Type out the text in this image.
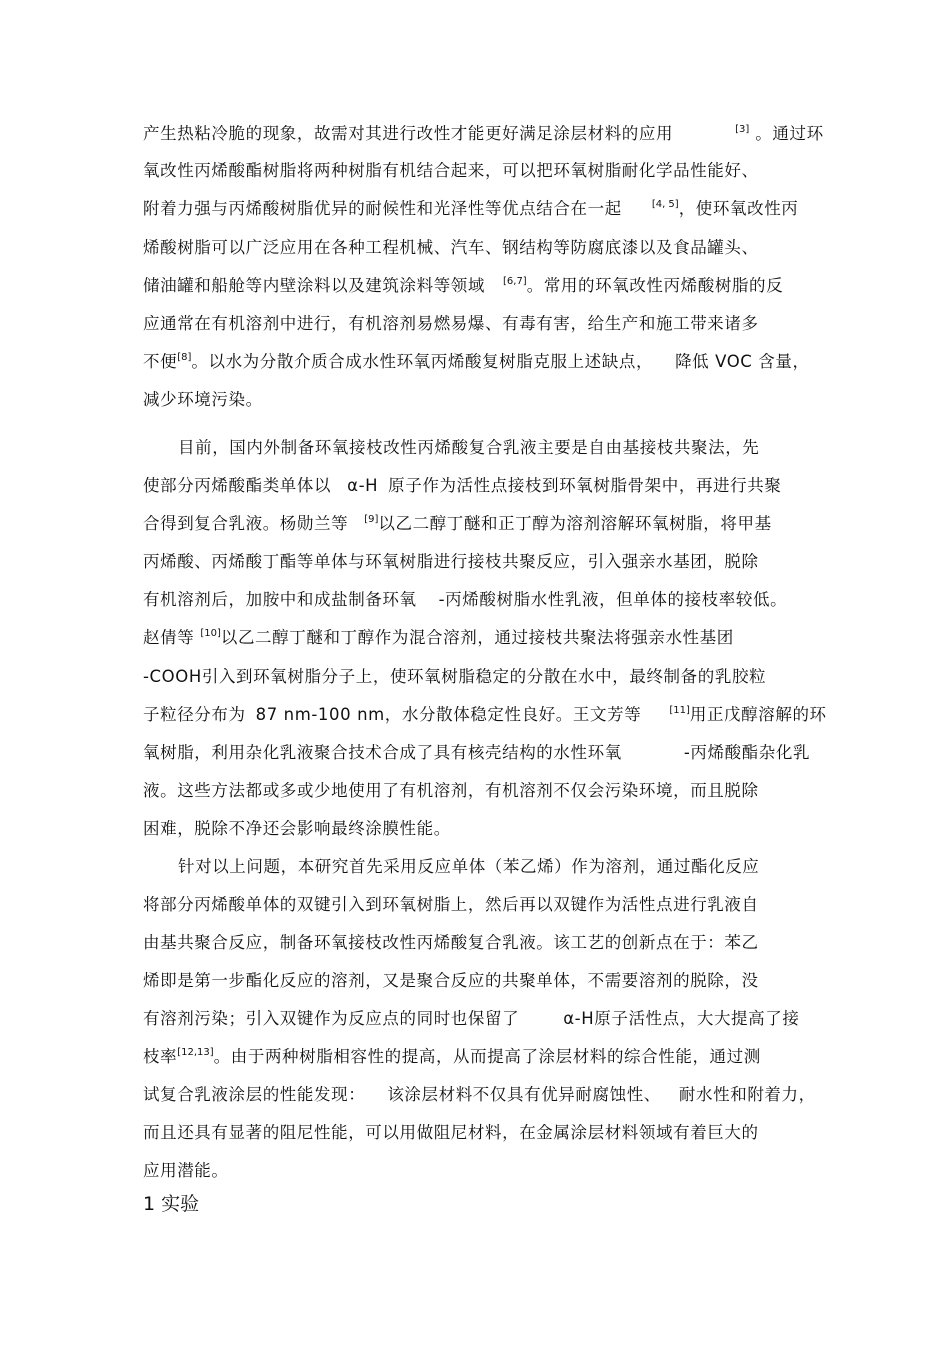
产生热粘冷脆的现象，故需对其进行改性才能更好满足涂层材料的应用	[3] 。通过环
氧改性丙烯酸酯树脂将两种树脂有机结合起来，可以把环氧树脂耐化学品性能好、
附着力强与丙烯酸树脂优异的耐候性和光泽性等优点结合在一起	[4, 5]，使环氧改性丙
烯酸树脂可以广泛应用在各种工程机械、汽车、钢结构等防腐底漆以及食品罐头、
储油罐和船舱等内壁涂料以及建筑涂料等领域 [6,7]。常用的环氧改性丙烯酸树脂的反
应通常在有机溶剂中进行，有机溶剂易燃易爆、有毒有害，给生产和施工带来诸多
不便[8]。以水为分散介质合成水性环氧丙烯酸复树脂克服上述缺点， 降低 VOC 含量，
减少环境污染。
目前，国内外制备环氧接枝改性丙烯酸复合乳液主要是自由基接枝共聚法，先
使部分丙烯酸酯类单体以 α-H 原子作为活性点接枝到环氧树脂骨架中，再进行共聚
合得到复合乳液。杨勋兰等 [9]以乙二醇丁醚和正丁醇为溶剂溶解环氧树脂，将甲基
丙烯酸、丙烯酸丁酯等单体与环氧树脂进行接枝共聚反应，引入强亲水基团，脱除
有机溶剂后，加胺中和成盐制备环氧 -丙烯酸树脂水性乳液，但单体的接枝率较低。
赵倩等 [10]以乙二醇丁醚和丁醇作为混合溶剂，通过接枝共聚法将强亲水性基团
-COOH引入到环氧树脂分子上，使环氧树脂稳定的分散在水中，最终制备的乳胶粒
子粒径分布为 87 nm-100 nm，水分散体稳定性良好。王文芳等	[11]用正戊醇溶解的环
氧树脂，利用杂化乳液聚合技术合成了具有核壳结构的水性环氧	-丙烯酸酯杂化乳
液。这些方法都或多或少地使用了有机溶剂，有机溶剂不仅会污染环境，而且脱除
困难，脱除不净还会影响最终涂膜性能。
针对以上问题，本研究首先采用反应单体（苯乙烯）作为溶剂，通过酯化反应
将部分丙烯酸单体的双键引入到环氧树脂上，然后再以双键作为活性点进行乳液自
由基共聚合反应，制备环氧接枝改性丙烯酸复合乳液。该工艺的创新点在于：苯乙
烯即是第一步酯化反应的溶剂，又是聚合反应的共聚单体，不需要溶剂的脱除，没
有溶剂污染；引入双键作为反应点的同时也保留了	α-H原子活性点，大大提高了接
枝率[12,13]。由于两种树脂相容性的提高，从而提高了涂层材料的综合性能，通过测
试复合乳液涂层的性能发现： 该涂层材料不仅具有优异耐腐蚀性、 耐水性和附着力，
而且还具有显著的阻尼性能，可以用做阻尼材料，在金属涂层材料领域有着巨大的
应用潜能。
1 实验
